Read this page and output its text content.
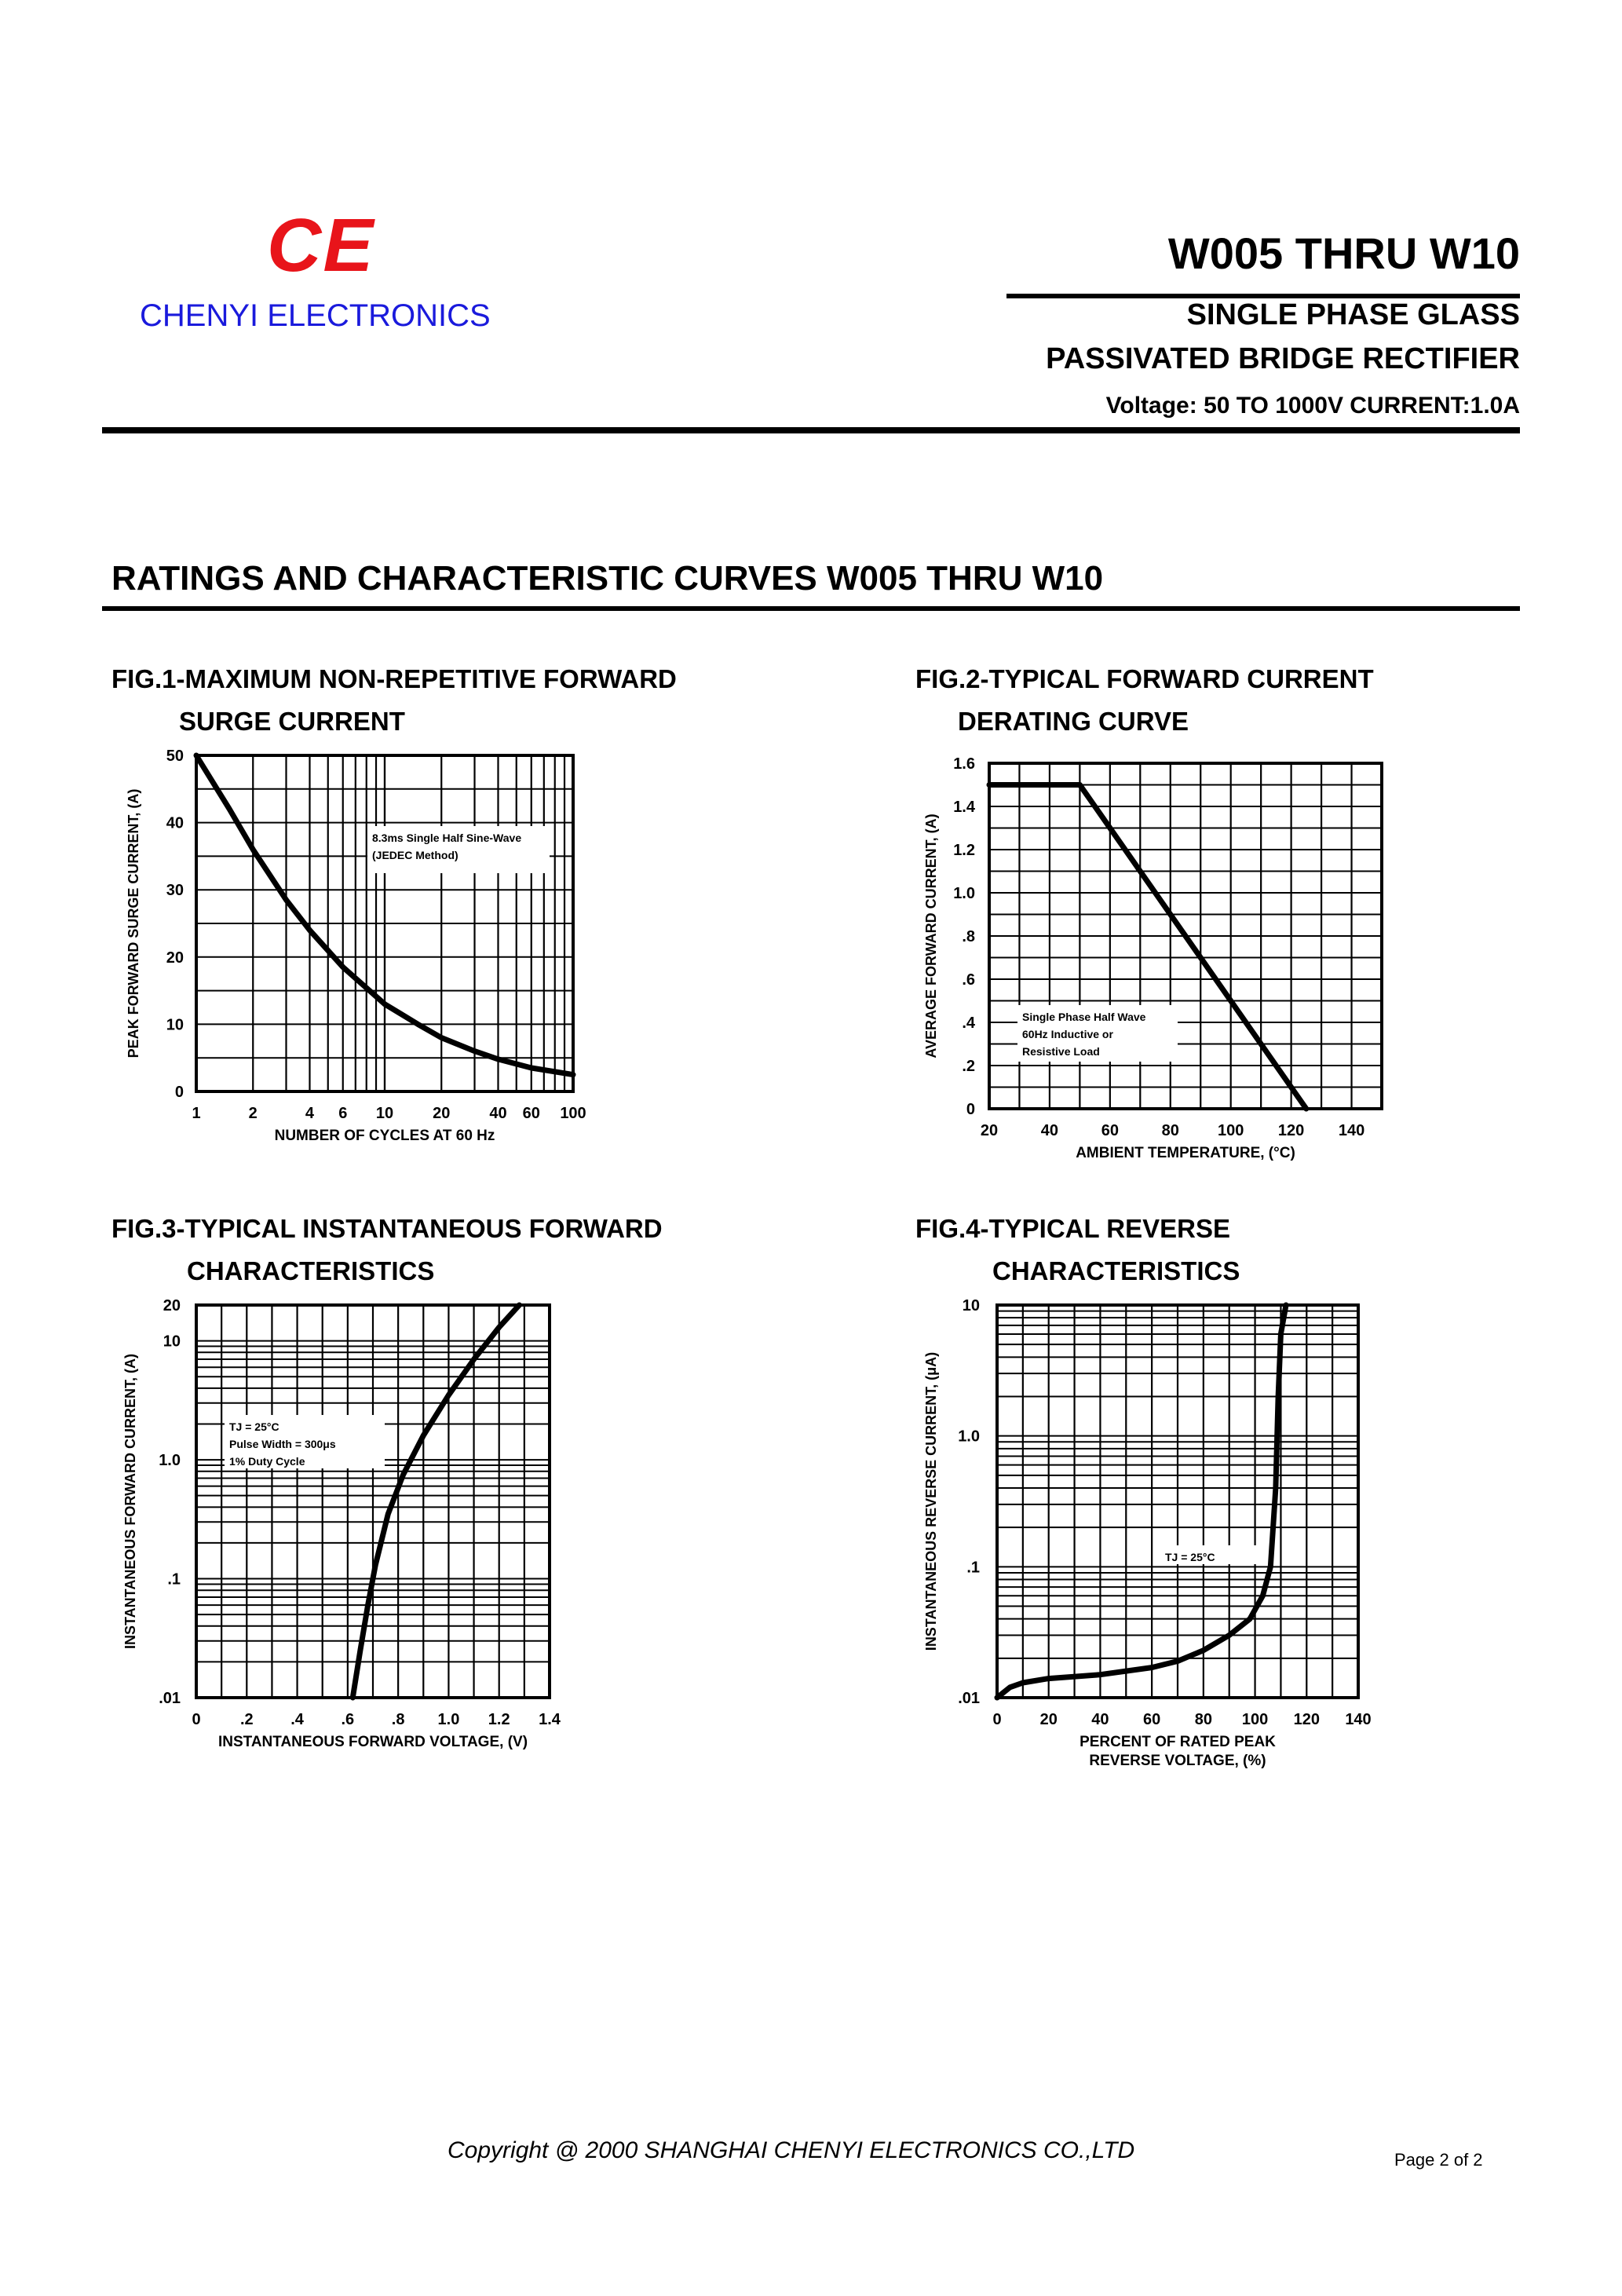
CE
CHENYI ELECTRONICS
W005 THRU W10
SINGLE PHASE GLASS
PASSIVATED BRIDGE RECTIFIER
Voltage: 50 TO 1000V CURRENT:1.0A
RATINGS AND CHARACTERISTIC CURVES W005 THRU W10
FIG.1-MAXIMUM NON-REPETITIVE FORWARD
SURGE CURRENT
FIG.2-TYPICAL FORWARD CURRENT
DERATING CURVE
FIG.3-TYPICAL INSTANTANEOUS FORWARD
CHARACTERISTICS
FIG.4-TYPICAL REVERSE
CHARACTERISTICS
8.3ms Single Half Sine-Wave
(JEDEC Method)
1	2	4 6 10 20 40 60 100
0
10
20
30
40
50
NUMBER OF CYCLES AT 60 Hz
PEAK FORWARD SURGE CURRENT, (A)	Single Phase Half Wave
60Hz Inductive or
Resistive Load
20	40	60	80 100 120 140
0
.2
.4
.6
.8
1.0
1.2
1.4
1.6
AMBIENT TEMPERATURE, (°C)
AVERAGE FORWARD CURRENT, (A)
TJ = 25°C
Pulse Width = 300μs
1% Duty Cycle
0	.2 .4 .6 .8 1.0 1.2 1.4
.01
.1
1.0
10
20
INSTANTANEOUS FORWARD VOLTAGE, (V)
INSTANTANEOUS FORWARD CURRENT, (A)	TJ = 25°C
0 20 40 60 80 100 120 140
.01
.1
1.0
10
PERCENT OF RATED PEAK REVERSE VOLTAGE, (%)
INSTANTANEOUS REVERSE CURRENT, (μA)
Copyright @ 2000 SHANGHAI CHENYI ELECTRONICS CO.,LTD	Page 2 of 2
